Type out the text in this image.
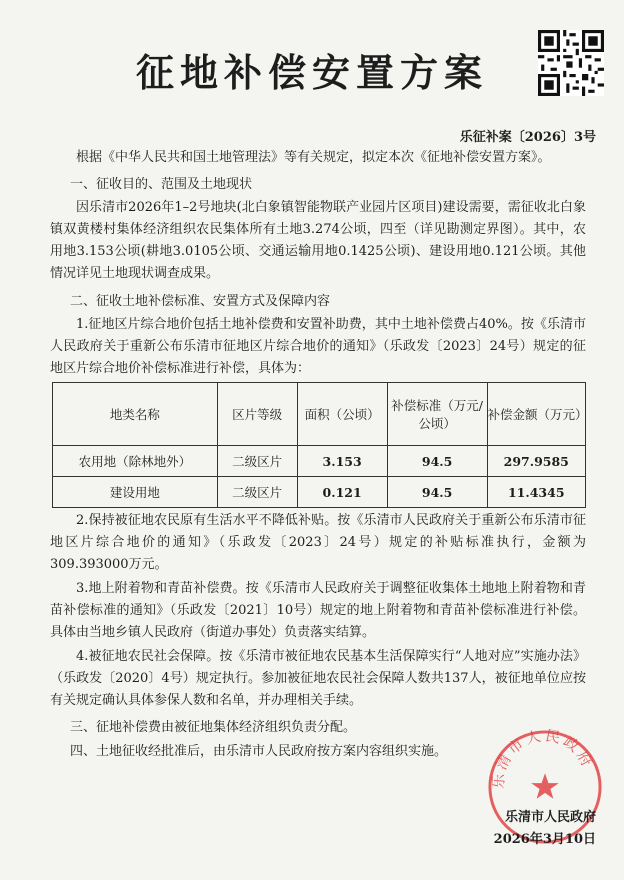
征地补偿安置方案
乐征补案〔2026〕3号
根据《中华人民共和国土地管理法》等有关规定，拟定本次《征地补偿安置方案》。
一、征收目的、范围及土地现状
因乐清市2026年1–2号地块(北白象镇智能物联产业园片区项目)建设需要，需征收北白象镇双黄楼村集体经济组织农民集体所有土地3.274公顷，四至（详见勘测定界图）。其中，农用地3.153公顷(耕地3.0105公顷、交通运输用地0.1425公顷)、建设用地0.121公顷。其他情况详见土地现状调查成果。
二、征收土地补偿标准、安置方式及保障内容
1.征地区片综合地价包括土地补偿费和安置补助费，其中土地补偿费占40%。按《乐清市人民政府关于重新公布乐清市征地区片综合地价的通知》（乐政发〔2023〕24号）规定的征地区片综合地价补偿标准进行补偿，具体为：
地类名称	区片等级	面积（公顷）	补偿标准（万元/公顷）	补偿金额（万元）
农用地（除林地外）	二级区片	3.153	94.5	297.9585
建设用地	二级区片	0.121	94.5	11.4345
2.保持被征地农民原有生活水平不降低补贴。按《乐清市人民政府关于重新公布乐清市征地区片综合地价的通知》（乐政发〔2023〕24号）规定的补贴标准执行，金额为309.393000万元。
3.地上附着物和青苗补偿费。按《乐清市人民政府关于调整征收集体土地地上附着物和青苗补偿标准的通知》（乐政发〔2021〕10号）规定的地上附着物和青苗补偿标准进行补偿。具体由当地乡镇人民政府（街道办事处）负责落实结算。
4.被征地农民社会保障。按《乐清市被征地农民基本生活保障实行“人地对应”实施办法》（乐政发〔2020〕4号）规定执行。参加被征地农民社会保障人数共137人，被征地单位应按有关规定确认具体参保人数和名单，并办理相关手续。
三、征地补偿费由被征地集体经济组织负责分配。
四、土地征收经批准后，由乐清市人民政府按方案内容组织实施。
乐清市人民政府
乐清市人民政府
2026年3月10日
